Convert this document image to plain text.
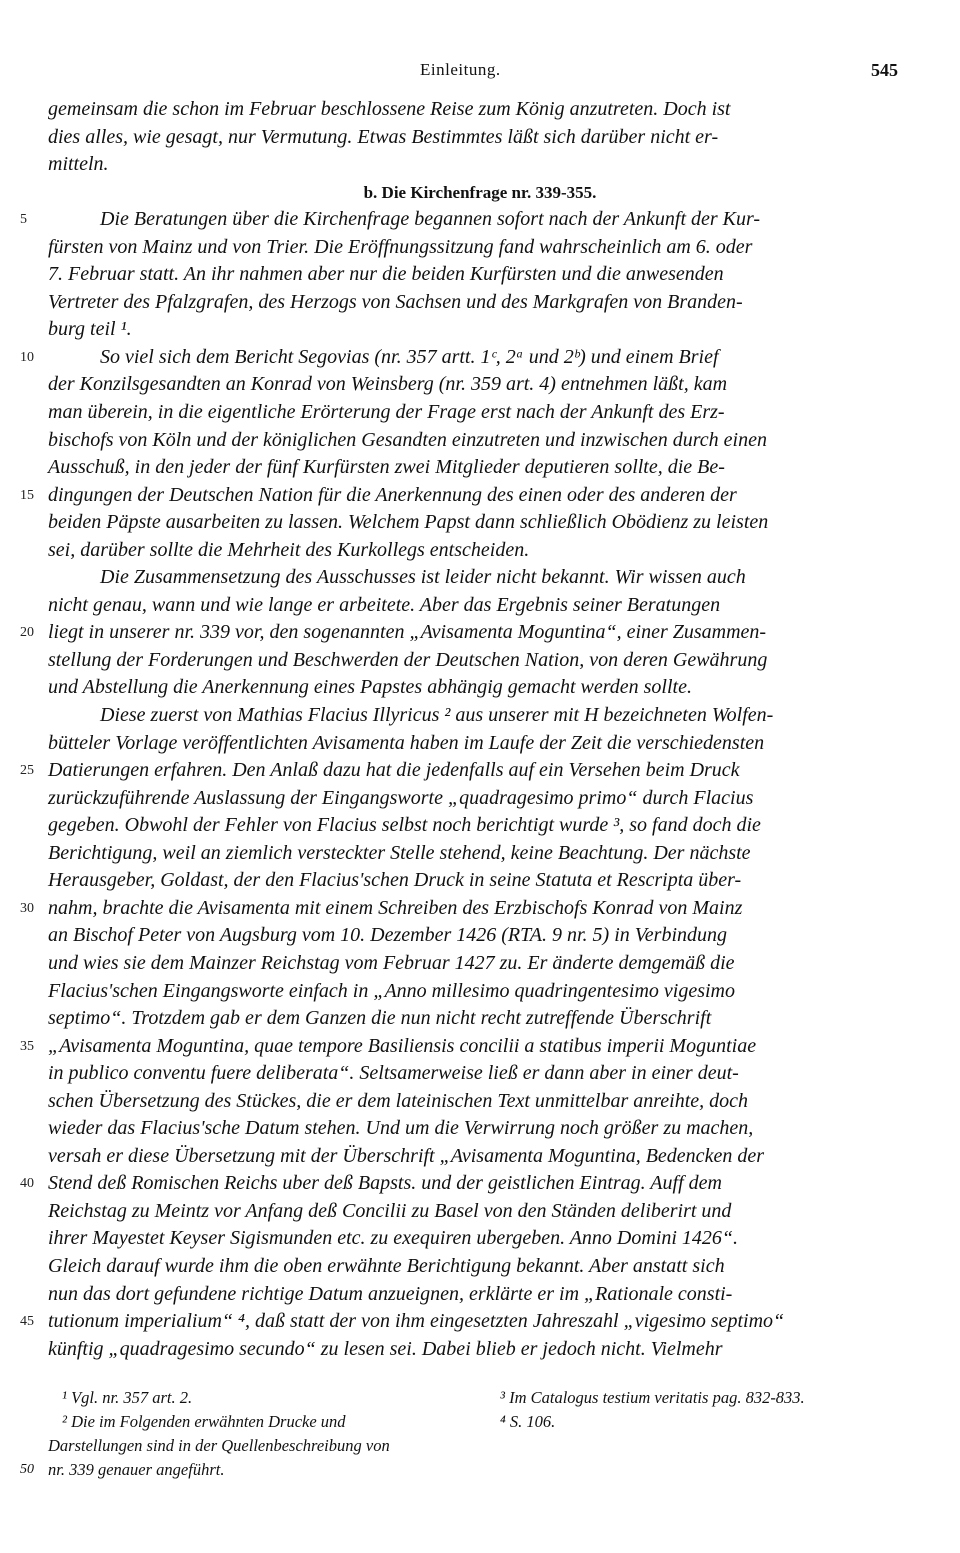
Einleitung.	545
gemeinsam die schon im Februar beschlossene Reise zum König anzutreten. Doch ist
dies alles, wie gesagt, nur Vermutung. Etwas Bestimmtes läßt sich darüber nicht er-
mitteln.
b. Die Kirchenfrage nr. 339-355.
5	Die Beratungen über die Kirchenfrage begannen sofort nach der Ankunft der Kur-
fürsten von Mainz und von Trier. Die Eröffnungssitzung fand wahrscheinlich am 6. oder
7. Februar statt. An ihr nahmen aber nur die beiden Kurfürsten und die anwesenden
Vertreter des Pfalzgrafen, des Herzogs von Sachsen und des Markgrafen von Branden-
burg teil ¹.
10	So viel sich dem Bericht Segovias (nr. 357 artt. 1ᶜ, 2ᵃ und 2ᵇ) und einem Brief
der Konzilsgesandten an Konrad von Weinsberg (nr. 359 art. 4) entnehmen läßt, kam
man überein, in die eigentliche Erörterung der Frage erst nach der Ankunft des Erz-
bischofs von Köln und der königlichen Gesandten einzutreten und inzwischen durch einen
Ausschuß, in den jeder der fünf Kurfürsten zwei Mitglieder deputieren sollte, die Be-
15 dingungen der Deutschen Nation für die Anerkennung des einen oder des anderen der
beiden Päpste ausarbeiten zu lassen. Welchem Papst dann schließlich Obödienz zu leisten
sei, darüber sollte die Mehrheit des Kurkollegs entscheiden.
Die Zusammensetzung des Ausschusses ist leider nicht bekannt. Wir wissen auch
nicht genau, wann und wie lange er arbeitete. Aber das Ergebnis seiner Beratungen
20 liegt in unserer nr. 339 vor, den sogenannten „Avisamenta Moguntina“, einer Zusammen-
stellung der Forderungen und Beschwerden der Deutschen Nation, von deren Gewährung
und Abstellung die Anerkennung eines Papstes abhängig gemacht werden sollte.
Diese zuerst von Mathias Flacius Illyricus ² aus unserer mit H bezeichneten Wolfen-
bütteler Vorlage veröffentlichten Avisamenta haben im Laufe der Zeit die verschiedensten
25 Datierungen erfahren. Den Anlaß dazu hat die jedenfalls auf ein Versehen beim Druck
zurückzuführende Auslassung der Eingangsworte „quadragesimo primo“ durch Flacius
gegeben. Obwohl der Fehler von Flacius selbst noch berichtigt wurde ³, so fand doch die
Berichtigung, weil an ziemlich versteckter Stelle stehend, keine Beachtung. Der nächste
Herausgeber, Goldast, der den Flacius'schen Druck in seine Statuta et Rescripta über-
30 nahm, brachte die Avisamenta mit einem Schreiben des Erzbischofs Konrad von Mainz
an Bischof Peter von Augsburg vom 10. Dezember 1426 (RTA. 9 nr. 5) in Verbindung
und wies sie dem Mainzer Reichstag vom Februar 1427 zu. Er änderte demgemäß die
Flacius'schen Eingangsworte einfach in „Anno millesimo quadringentesimo vigesimo
septimo“. Trotzdem gab er dem Ganzen die nun nicht recht zutreffende Überschrift
35 „Avisamenta Moguntina, quae tempore Basiliensis concilii a statibus imperii Moguntiae
in publico conventu fuere deliberata“. Seltsamerweise ließ er dann aber in einer deut-
schen Übersetzung des Stückes, die er dem lateinischen Text unmittelbar anreihte, doch
wieder das Flacius'sche Datum stehen. Und um die Verwirrung noch größer zu machen,
versah er diese Übersetzung mit der Überschrift „Avisamenta Moguntina, Bedencken der
40 Stend deß Romischen Reichs uber deß Bapsts. und der geistlichen Eintrag. Auff dem
Reichstag zu Meintz vor Anfang deß Concilii zu Basel von den Ständen deliberirt und
ihrer Mayestet Keyser Sigismunden etc. zu exequiren ubergeben. Anno Domini 1426“.
Gleich darauf wurde ihm die oben erwähnte Berichtigung bekannt. Aber anstatt sich
nun das dort gefundene richtige Datum anzueignen, erklärte er im „Rationale consti-
45 tutionum imperialium“ ⁴, daß statt der von ihm eingesetzten Jahreszahl „vigesimo septimo“
künftig „quadragesimo secundo“ zu lesen sei. Dabei blieb er jedoch nicht. Vielmehr
¹ Vgl. nr. 357 art. 2.
² Die im Folgenden erwähnten Drucke und
Darstellungen sind in der Quellenbeschreibung von
50 nr. 339 genauer angeführt.
³ Im Catalogus testium veritatis pag. 832-833.
⁴ S. 106.
